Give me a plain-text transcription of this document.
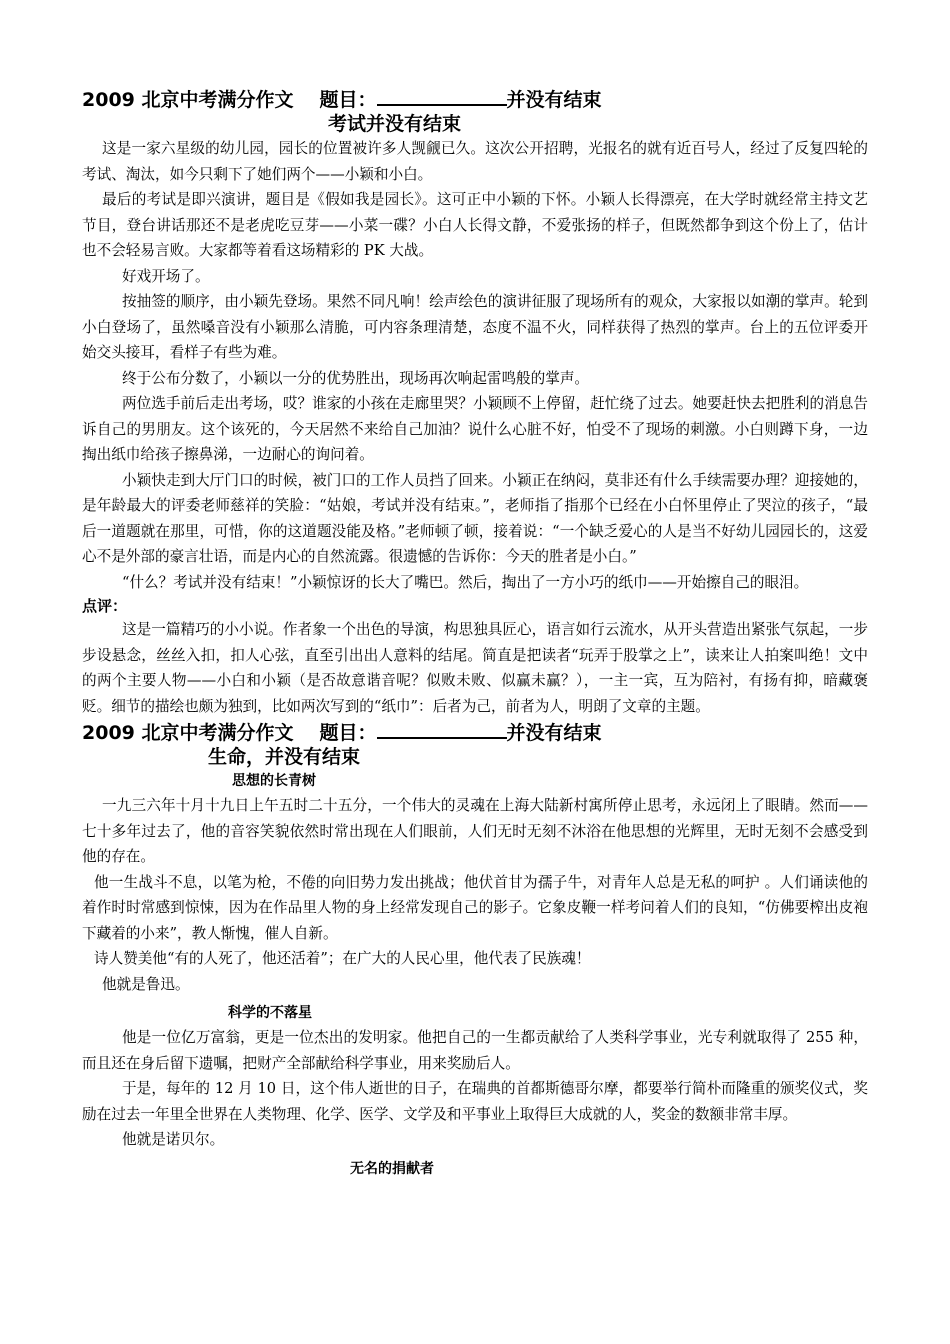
2009 北京中考满分作文 题目：	并没有结束
考试并没有结束

这是一家六星级的幼儿园，园长的位置被许多人觊觎已久。这次公开招聘，光报名的就有近百号人，经过了反复四轮的考试、淘汰，如今只剩下了她们两个——小颖和小白。

最后的考试是即兴演讲，题目是《假如我是园长》。这可正中小颖的下怀。小颖人长得漂亮，在大学时就经常主持文艺节目，登台讲话那还不是老虎吃豆芽——小菜一碟？小白人长得文静，不爱张扬的样子，但既然都争到这个份上了，估计也不会轻易言败。大家都等着看这场精彩的 PK 大战。

好戏开场了。

按抽签的顺序，由小颖先登场。果然不同凡响！绘声绘色的演讲征服了现场所有的观众，大家报以如潮的掌声。轮到小白登场了，虽然嗓音没有小颖那么清脆，可内容条理清楚，态度不温不火，同样获得了热烈的掌声。台上的五位评委开始交头接耳，看样子有些为难。

终于公布分数了，小颖以一分的优势胜出，现场再次响起雷鸣般的掌声。

两位选手前后走出考场，哎？谁家的小孩在走廊里哭？小颖顾不上停留，赶忙绕了过去。她要赶快去把胜利的消息告诉自己的男朋友。这个该死的，今天居然不来给自己加油？说什么心脏不好，怕受不了现场的刺激。小白则蹲下身，一边掏出纸巾给孩子擦鼻涕，一边耐心的询问着。

小颖快走到大厅门口的时候，被门口的工作人员挡了回来。小颖正在纳闷，莫非还有什么手续需要办理？迎接她的，是年龄最大的评委老师慈祥的笑脸：“姑娘，考试并没有结束。”，老师指了指那个已经在小白怀里停止了哭泣的孩子，“最后一道题就在那里，可惜，你的这道题没能及格。”老师顿了顿，接着说：“一个缺乏爱心的人是当不好幼儿园园长的，这爱心不是外部的豪言壮语，而是内心的自然流露。很遗憾的告诉你：今天的胜者是小白。”

“什么？考试并没有结束！”小颖惊讶的长大了嘴巴。然后，掏出了一方小巧的纸巾——开始擦自己的眼泪。

点评：

这是一篇精巧的小小说。作者象一个出色的导演，构思独具匠心，语言如行云流水，从开头营造出紧张气氛起，一步步设悬念，丝丝入扣，扣人心弦，直至引出出人意料的结尾。简直是把读者“玩弄于股掌之上”，读来让人拍案叫绝！文中的两个主要人物——小白和小颖（是否故意谐音呢？似败未败、似赢未赢？），一主一宾，互为陪衬，有扬有抑，暗藏褒贬。细节的描绘也颇为独到，比如两次写到的“纸巾”：后者为己，前者为人，明朗了文章的主题。

2009 北京中考满分作文 题目：	并没有结束
生命，并没有结束
思想的长青树

一九三六年十月十九日上午五时二十五分，一个伟大的灵魂在上海大陆新村寓所停止思考，永远闭上了眼睛。然而——七十多年过去了，他的音容笑貌依然时常出现在人们眼前，人们无时无刻不沐浴在他思想的光辉里，无时无刻不会感受到他的存在。

他一生战斗不息，以笔为枪，不倦的向旧势力发出挑战；他伏首甘为孺子牛，对青年人总是无私的呵护 。人们诵读他的着作时时常感到惊悚，因为在作品里人物的身上经常发现自己的影子。它象皮鞭一样考问着人们的良知，“仿佛要榨出皮袍下藏着的小来”，教人惭愧，催人自新。

诗人赞美他“有的人死了，他还活着”；在广大的人民心里，他代表了民族魂！

他就是鲁迅。

科学的不落星

他是一位亿万富翁，更是一位杰出的发明家。他把自己的一生都贡献给了人类科学事业，光专利就取得了 255 种，而且还在身后留下遗嘱，把财产全部献给科学事业，用来奖励后人。

于是，每年的 12 月 10 日，这个伟人逝世的日子，在瑞典的首都斯德哥尔摩，都要举行简朴而隆重的颁奖仪式，奖励在过去一年里全世界在人类物理、化学、医学、文学及和平事业上取得巨大成就的人，奖金的数额非常丰厚。

他就是诺贝尔。

无名的捐献者
